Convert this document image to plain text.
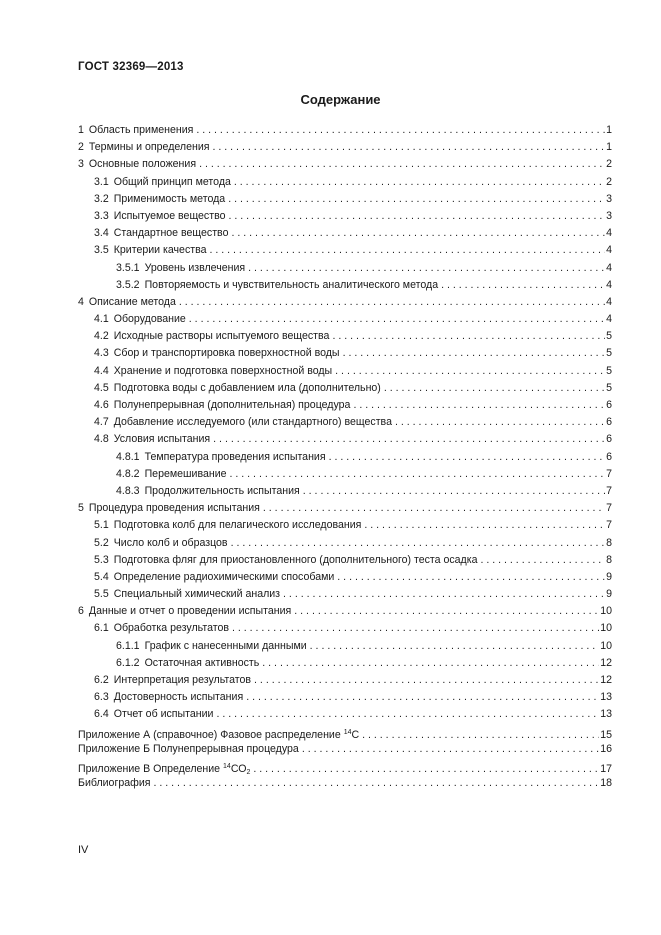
ГОСТ 32369—2013
Содержание
1 Область применения . . .	1
2 Термины и определения . . .	1
3 Основные положения . . .	2
3.1 Общий принцип метода . . .	2
3.2 Применимость метода . . .	3
3.3 Испытуемое вещество . . .	3
3.4 Стандартное вещество . . .	4
3.5 Критерии качества . . .	4
3.5.1 Уровень извлечения . . .	4
3.5.2 Повторяемость и чувствительность аналитического метода . . .	4
4 Описание метода . . .	4
4.1 Оборудование . . .	4
4.2 Исходные растворы испытуемого вещества . . .	5
4.3 Сбор и транспортировка поверхностной воды . . .	5
4.4 Хранение и подготовка поверхностной воды . . .	5
4.5 Подготовка воды с добавлением ила (дополнительно) . . .	5
4.6 Полунепрерывная (дополнительная) процедура . . .	6
4.7 Добавление исследуемого (или стандартного) вещества . . .	6
4.8 Условия испытания . . .	6
4.8.1 Температура проведения испытания . . .	6
4.8.2 Перемешивание . . .	7
4.8.3 Продолжительность испытания . . .	7
5 Процедура проведения испытания . . .	7
5.1 Подготовка колб для пелагического исследования . . .	7
5.2 Число колб и образцов . . .	8
5.3 Подготовка фляг для приостановленного (дополнительного) теста осадка . . .	8
5.4 Определение радиохимическими способами . . .	9
5.5 Специальный химический анализ . . .	9
6 Данные и отчет о проведении испытания . . .	10
6.1 Обработка результатов . . .	10
6.1.1 График с нанесенными данными . . .	10
6.1.2 Остаточная активность . . .	12
6.2 Интерпретация результатов . . .	12
6.3 Достоверность испытания . . .	13
6.4 Отчет об испытании . . .	13
Приложение А (справочное) Фазовое распределение $^{14}$С . . .	15
Приложение Б Полунепрерывная процедура . . .	16
Приложение В Определение $^{14}СО_2$ . . .	17
Библиография . . .	18
IV
